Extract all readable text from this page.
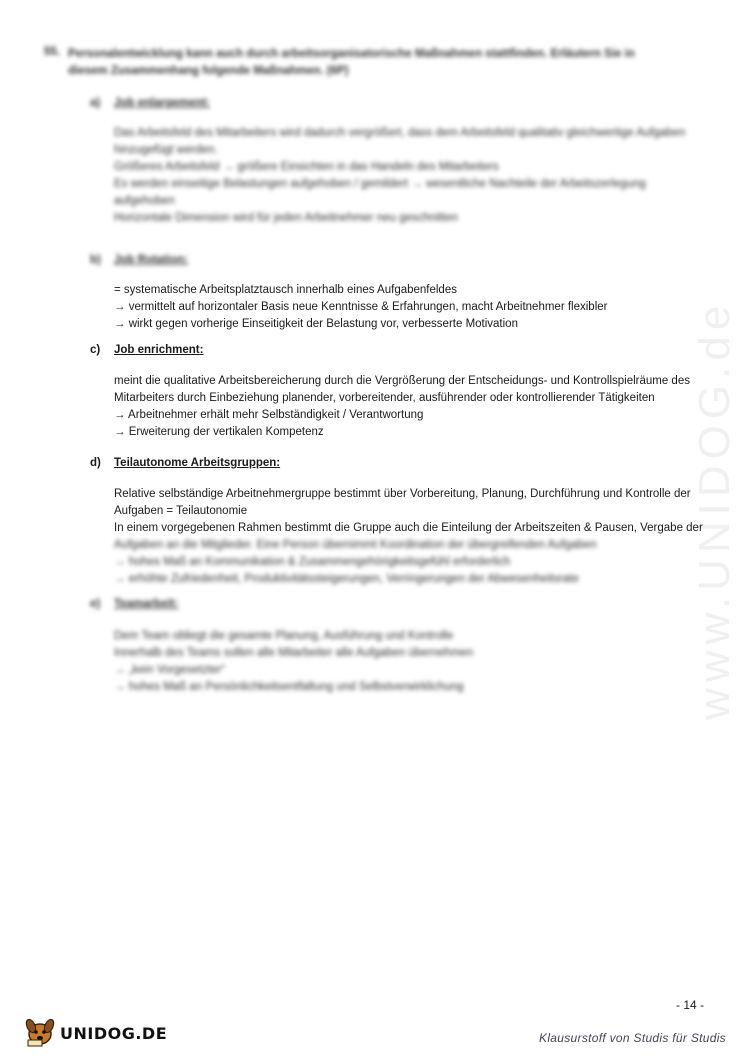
www.UNIDOG.de
55. Personalentwicklung kann auch durch arbeitsorganisatorische Maßnahmen stattfinden. Erläutern Sie in diesem Zusammenhang folgende Maßnahmen. (6P)
a) Job enlargement:
Das Arbeitsfeld des Mitarbeiters wird dadurch vergrößert, dass dem Arbeitsfeld qualitativ gleichwertige Aufgaben
hinzugefügt werden.
Größeres Arbeitsfeld → größere Einsichten in das Handeln des Mitarbeiters
Es werden einseitige Belastungen aufgehoben / gemildert → wesentliche Nachteile der Arbeitszerlegung
aufgehoben
Horizontale Dimension wird für jeden Arbeitnehmer neu geschnitten
b) Job Rotation:
= systematische Arbeitsplatztausch innerhalb eines Aufgabenfeldes
→ vermittelt auf horizontaler Basis neue Kenntnisse & Erfahrungen, macht Arbeitnehmer flexibler
→ wirkt gegen vorherige Einseitigkeit der Belastung vor, verbesserte Motivation
c) Job enrichment:
meint die qualitative Arbeitsbereicherung durch die Vergrößerung der Entscheidungs- und Kontrollspielräume des
Mitarbeiters durch Einbeziehung planender, vorbereitender, ausführender oder kontrollierender Tätigkeiten
→ Arbeitnehmer erhält mehr Selbständigkeit / Verantwortung
→ Erweiterung der vertikalen Kompetenz
d) Teilautonome Arbeitsgruppen:
Relative selbständige Arbeitnehmergruppe bestimmt über Vorbereitung, Planung, Durchführung und Kontrolle der
Aufgaben = Teilautonomie
In einem vorgegebenen Rahmen bestimmt die Gruppe auch die Einteilung der Arbeitszeiten & Pausen, Vergabe der
Aufgaben an die Mitglieder. Eine Person übernimmt Koordination der übergreifenden Aufgaben
→ hohes Maß an Kommunikation & Zusammengehörigkeitsgefühl erforderlich
→ erhöhte Zufriedenheit, Produktivitätssteigerungen, Verringerungen der Abwesenheitsrate
e) Teamarbeit:
Dem Team obliegt die gesamte Planung, Ausführung und Kontrolle
Innerhalb des Teams sollen alle Mitarbeiter alle Aufgaben übernehmen
→ „kein Vorgesetzter“
→ hohes Maß an Persönlichkeitsentfaltung und Selbstverwirklichung
- 14 -
UNIDOG.DE	Klausurstoff von Studis für Studis
